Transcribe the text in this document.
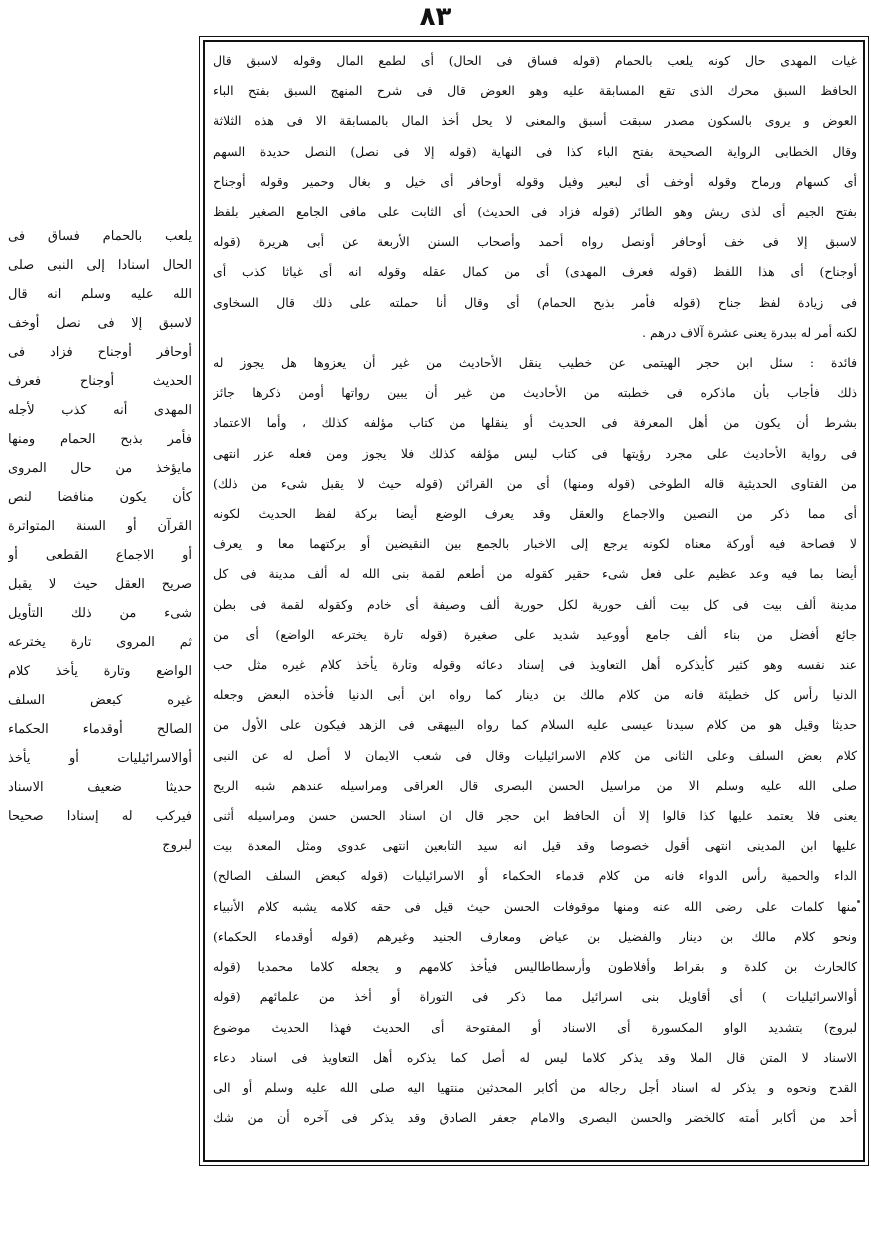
٨٣
يلعب بالحمام فساق فى
الحال اسنادا إلى النبى صلى
الله عليه وسلم انه قال
لاسبق إلا فى نصل أوخف
أوحافر أوجناح فزاد فى
الحديث أوجناح فعرف
المهدى أنه كذب لأجله
فأمر بذبح الحمام ومنها
مايؤخذ من حال المروى
كأن يكون منافضا لنص
القرآن أو السنة المتواترة
أو الاجماع القطعى أو
صريح العقل حيث لا يقبل
شىء من ذلك التأويل
ثم المروى تارة يخترعه
الواضع وتارة يأخذ كلام
غيره كبعض السلف
الصالح أوقدماء الحكماء
أوالاسرائيليات أو يأخذ
حديثا ضعيف الاسناد
فيركب له إسنادا صحيحا
لبروج
غيات المهدى حال كونه يلعب بالحمام (قوله فساق فى الحال) أى لطمع المال وقوله لاسبق قال
الحافظ السبق محرك الذى تقع المسابقة عليه وهو العوض قال فى شرح المنهج السبق بفتح الباء
العوض و يروى بالسكون مصدر سبقت أسبق والمعنى لا يحل أخذ المال بالمسابقة الا فى هذه الثلاثة
وقال الخطابى الرواية الصحيحة بفتح الباء كذا فى النهاية (قوله إلا فى نصل) النصل حديدة السهم
أى كسهام ورماح وقوله أوخف أى لبعير وفيل وقوله أوحافر أى خيل و بغال وحمير وقوله أوجناح
بفتح الجيم أى لذى ريش وهو الطائر (قوله فزاد فى الحديث) أى الثابت على مافى الجامع الصغير بلفظ
لاسبق إلا فى خف أوحافر أونصل رواه أحمد وأصحاب السنن الأربعة عن أبى هريرة (قوله
أوجناح) أى هذا اللفظ (قوله فعرف المهدى) أى من كمال عقله وقوله انه أى غياثا كذب أى
فى زيادة لفظ جناح (قوله فأمر بذبح الحمام) أى وقال أنا حملته على ذلك قال السخاوى
لكنه أمر له ببدرة يعنى عشرة آلاف درهم .
فائدة : سئل ابن حجر الهيتمى عن خطيب ينقل الأحاديث من غير أن يعزوها هل يجوز له
ذلك فأجاب بأن ماذكره فى خطبته من الأحاديث من غير أن يبين رواتها أومن ذكرها جائز
بشرط أن يكون من أهل المعرفة فى الحديث أو ينقلها من كتاب مؤلفه كذلك ، وأما الاعتماد
فى رواية الأحاديث على مجرد رؤيتها فى كتاب ليس مؤلفه كذلك فلا يجوز ومن فعله عزر انتهى
من الفتاوى الحديثية قاله الطوخى (قوله ومنها) أى من القرائن (قوله حيث لا يقبل شىء من ذلك)
أى مما ذكر من النصين والاجماع والعقل وقد يعرف الوضع أيضا بركة لفظ الحديث لكونه
لا فصاحة فيه أوركة معناه لكونه يرجع إلى الاخبار بالجمع بين النقيضين أو بركتهما معا و يعرف
أيضا بما فيه وعد عظيم على فعل شىء حقير كقوله من أطعم لقمة بنى الله له ألف مدينة فى كل
مدينة ألف بيت فى كل بيت ألف حورية لكل حورية ألف وصيفة أى خادم وكقوله لقمة فى بطن
جائع أفضل من بناء ألف جامع أووعيد شديد على صغيرة (قوله تارة يخترعه الواضع) أى من
عند نفسه وهو كثير كأيذكره أهل التعاويذ فى إسناد دعائه وقوله وتارة يأخذ كلام غيره مثل حب
الدنيا رأس كل خطيئة فانه من كلام مالك بن دينار كما رواه ابن أبى الدنيا فأخذه البعض وجعله
حديثا وقيل هو من كلام سيدنا عيسى عليه السلام كما رواه البيهقى فى الزهد فيكون على الأول من
كلام بعض السلف وعلى الثانى من كلام الاسرائيليات وقال فى شعب الايمان لا أصل له عن النبى
صلى الله عليه وسلم الا من مراسيل الحسن البصرى قال العراقى ومراسيله عندهم شبه الريح
يعنى فلا يعتمد عليها كذا قالوا إلا أن الحافظ ابن حجر قال ان اسناد الحسن حسن ومراسيله أثنى
عليها ابن المدينى انتهى أقول خصوصا وقد قيل انه سيد التابعين انتهى عدوى ومثل المعدة بيت
الداء والحمية رأس الدواء فانه من كلام قدماء الحكماء أو الاسرائيليات (قوله كبعض السلف الصالح)
منها كلمات على رضى الله عنه ومنها موقوفات الحسن حيث قيل فى حقه كلامه يشبه كلام الأنبياء
ونحو كلام مالك بن دينار والفضيل بن عياض ومعارف الجنيد وغيرهم (قوله أوقدماء الحكماء)
كالحارث بن كلدة و بقراط وأفلاطون وأرسطاطاليس فيأخذ كلامهم و يجعله كلاما محمديا (قوله
أوالاسرائيليات ) أى أقاويل بنى اسرائيل مما ذكر فى التوراة أو أخذ من علمائهم (قوله
لبروج) بتشديد الواو المكسورة أى الاسناد أو المفتوحة أى الحديث فهذا الحديث موضوع
الاسناد لا المتن قال الملا وقد يذكر كلاما ليس له أصل كما يذكره أهل التعاويذ فى اسناد دعاء
القدح ونحوه و يذكر له اسناد أجل رجاله من أكابر المحدثين منتهيا اليه صلى الله عليه وسلم أو الى
أحد من أكابر أمته كالخضر والحسن البصرى والامام جعفر الصادق وقد يذكر فى آخره أن من شك
